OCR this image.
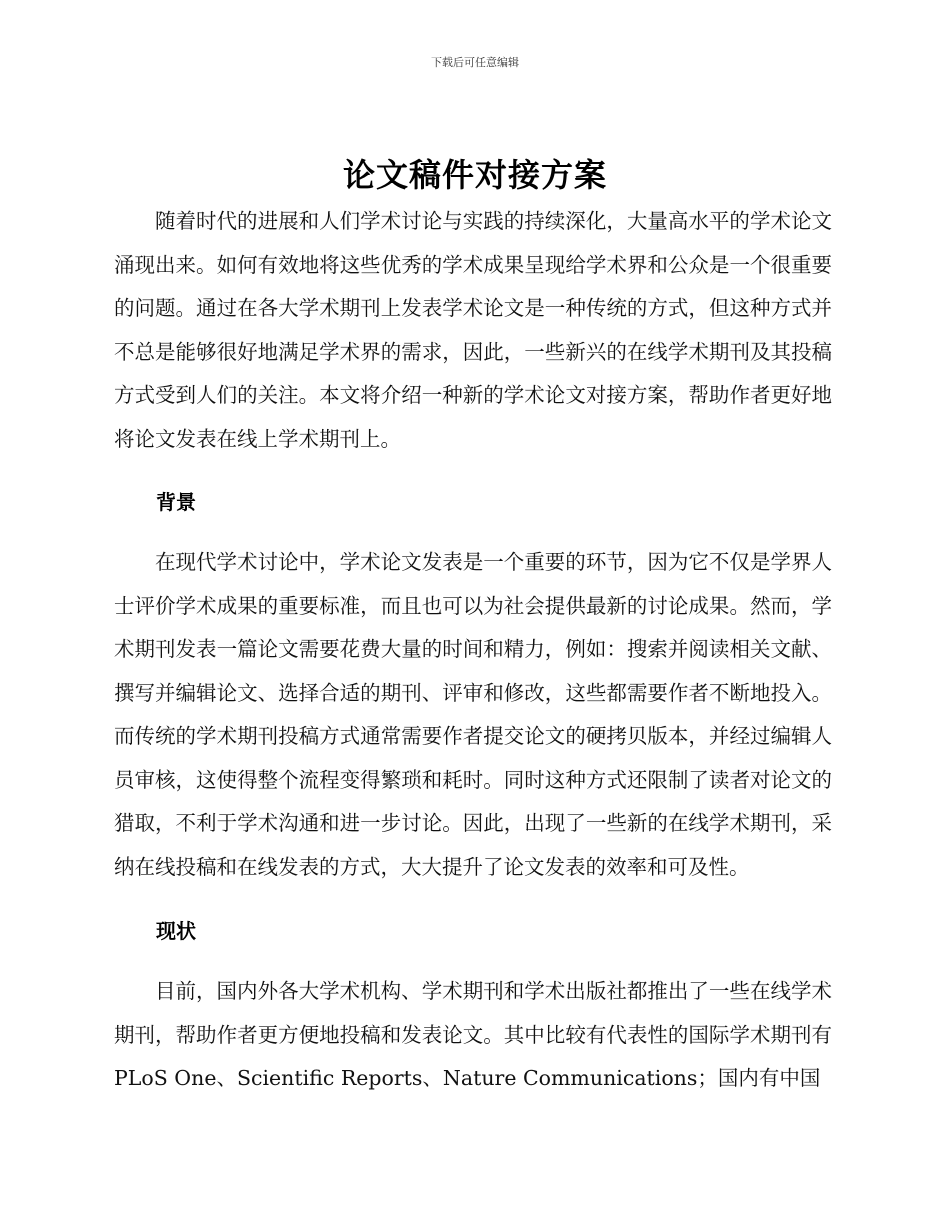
下载后可任意编辑
论文稿件对接方案

随着时代的进展和人们学术讨论与实践的持续深化，大量高水平的学术论文涌现出来。如何有效地将这些优秀的学术成果呈现给学术界和公众是一个很重要的问题。通过在各大学术期刊上发表学术论文是一种传统的方式，但这种方式并不总是能够很好地满足学术界的需求，因此，一些新兴的在线学术期刊及其投稿方式受到人们的关注。本文将介绍一种新的学术论文对接方案，帮助作者更好地将论文发表在线上学术期刊上。

背景

在现代学术讨论中，学术论文发表是一个重要的环节，因为它不仅是学界人士评价学术成果的重要标准，而且也可以为社会提供最新的讨论成果。然而，学术期刊发表一篇论文需要花费大量的时间和精力，例如：搜索并阅读相关文献、撰写并编辑论文、选择合适的期刊、评审和修改，这些都需要作者不断地投入。而传统的学术期刊投稿方式通常需要作者提交论文的硬拷贝版本，并经过编辑人员审核，这使得整个流程变得繁琐和耗时。同时这种方式还限制了读者对论文的猎取，不利于学术沟通和进一步讨论。因此，出现了一些新的在线学术期刊，采纳在线投稿和在线发表的方式，大大提升了论文发表的效率和可及性。

现状

目前，国内外各大学术机构、学术期刊和学术出版社都推出了一些在线学术期刊，帮助作者更方便地投稿和发表论文。其中比较有代表性的国际学术期刊有 PLoS One、Scientific Reports、Nature Communications；国内有中国
